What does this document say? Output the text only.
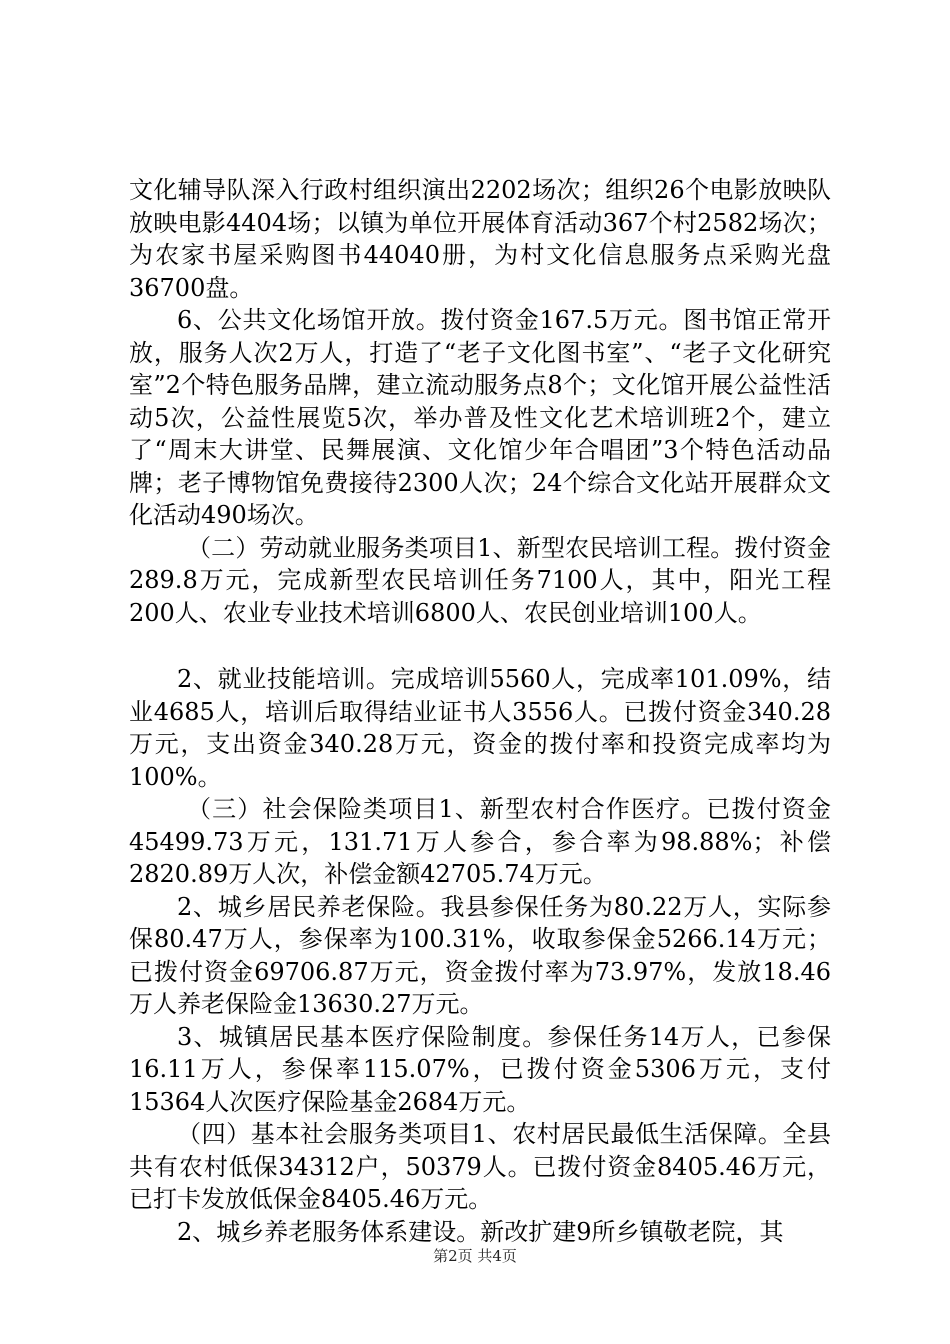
文化辅导队深入行政村组织演出2202场次；组织26个电影放映队放映电影4404场；以镇为单位开展体育活动367个村2582场次；为农家书屋采购图书44040册，为村文化信息服务点采购光盘36700盘。

6、公共文化场馆开放。拨付资金167.5万元。图书馆正常开放，服务人次2万人，打造了“老子文化图书室”、“老子文化研究室”2个特色服务品牌，建立流动服务点8个；文化馆开展公益性活动5次，公益性展览5次，举办普及性文化艺术培训班2个，建立了“周末大讲堂、民舞展演、文化馆少年合唱团”3个特色活动品牌；老子博物馆免费接待2300人次；24个综合文化站开展群众文化活动490场次。

（二）劳动就业服务类项目1、新型农民培训工程。拨付资金289.8万元，完成新型农民培训任务7100人，其中，阳光工程200人、农业专业技术培训6800人、农民创业培训100人。

2、就业技能培训。完成培训5560人，完成率101.09%，结业4685人，培训后取得结业证书人3556人。已拨付资金340.28万元，支出资金340.28万元，资金的拨付率和投资完成率均为100%。

（三）社会保险类项目1、新型农村合作医疗。已拨付资金45499.73万元，131.71万人参合，参合率为98.88%；补偿2820.89万人次，补偿金额42705.74万元。

2、城乡居民养老保险。我县参保任务为80.22万人，实际参保80.47万人，参保率为100.31%，收取参保金5266.14万元；已拨付资金69706.87万元，资金拨付率为73.97%，发放18.46万人养老保险金13630.27万元。

3、城镇居民基本医疗保险制度。参保任务14万人，已参保16.11万人，参保率115.07%，已拨付资金5306万元，支付15364人次医疗保险基金2684万元。

（四）基本社会服务类项目1、农村居民最低生活保障。全县共有农村低保34312户，50379人。已拨付资金8405.46万元，已打卡发放低保金8405.46万元。

2、城乡养老服务体系建设。新改扩建9所乡镇敬老院，其

第2页 共4页
